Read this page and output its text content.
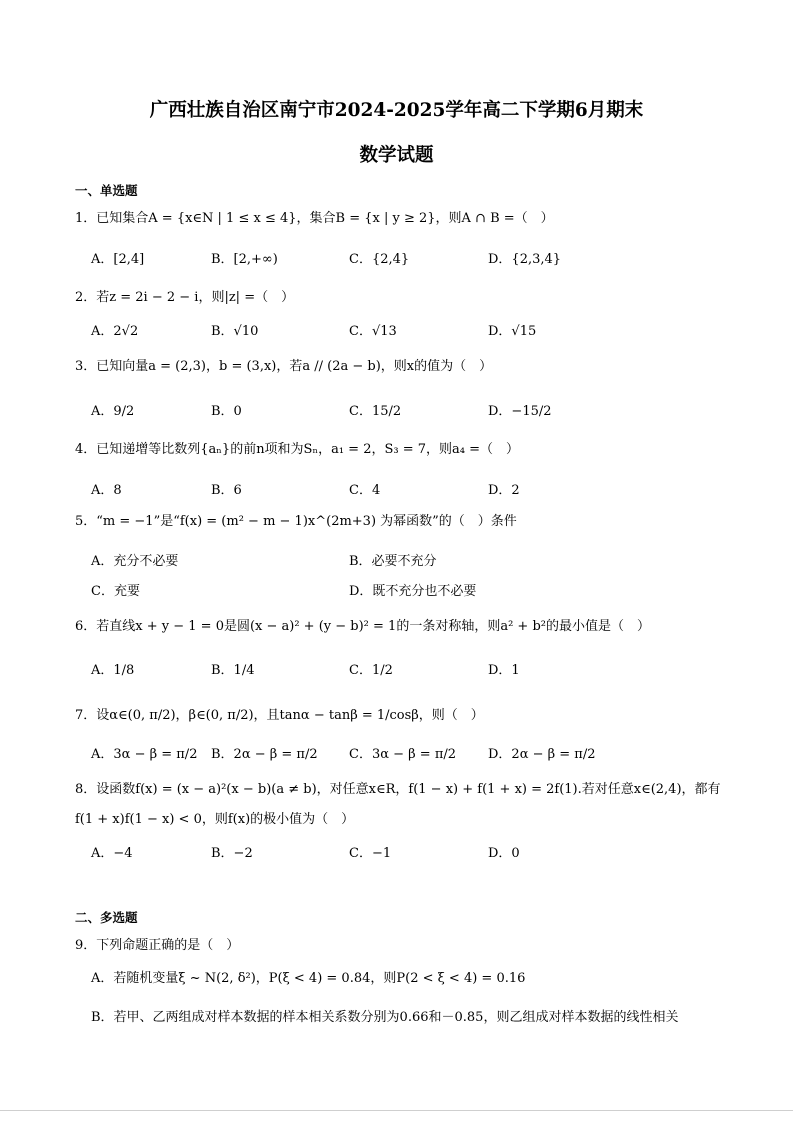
广西壮族自治区南宁市2024-2025学年高二下学期6月期末
数学试题
一、单选题
1．已知集合A = {x∈N | 1 ≤ x ≤ 4}，集合B = {x | y ≥ 2}，则A ∩ B =（　）
A．[2,4]	B．[2,+∞)	C．{2,4}	D．{2,3,4}
2．若z = 2i − 2 − i，则|z| =（　）
A．2√2	B．√10	C．√13	D．√15
3．已知向量a = (2,3)，b = (3,x)，若a // (2a − b)，则x的值为（　）
A．9/2	B．0	C．15/2	D．−15/2
4．已知递增等比数列{aₙ}的前n项和为Sₙ，a₁ = 2，S₃ = 7，则a₄ =（　）
A．8	B．6	C．4	D．2
5．“m = −1”是“f(x) = (m² − m − 1)x^(2m+3) 为幂函数”的（　）条件
A．充分不必要	B．必要不充分
C．充要	D．既不充分也不必要
6．若直线x + y − 1 = 0是圆(x − a)² + (y − b)² = 1的一条对称轴，则a² + b²的最小值是（　）
A．1/8	B．1/4	C．1/2	D．1
7．设α∈(0, π/2)，β∈(0, π/2)，且tanα − tanβ = 1/cosβ，则（　）
A．3α − β = π/2 B．2α − β = π/2 C．3α − β = π/2 D．2α − β = π/2
8．设函数f(x) = (x − a)²(x − b)(a ≠ b)，对任意x∈R，f(1 − x) + f(1 + x) = 2f(1).若对任意x∈(2,4)，都有
f(1 + x)f(1 − x) < 0，则f(x)的极小值为（　）
A．−4	B．−2	C．−1	D．0
二、多选题
9．下列命题正确的是（　）
A．若随机变量ξ ~ N(2, δ²)，P(ξ < 4) = 0.84，则P(2 < ξ < 4) = 0.16
B．若甲、乙两组成对样本数据的样本相关系数分别为0.66和－0.85，则乙组成对样本数据的线性相关
